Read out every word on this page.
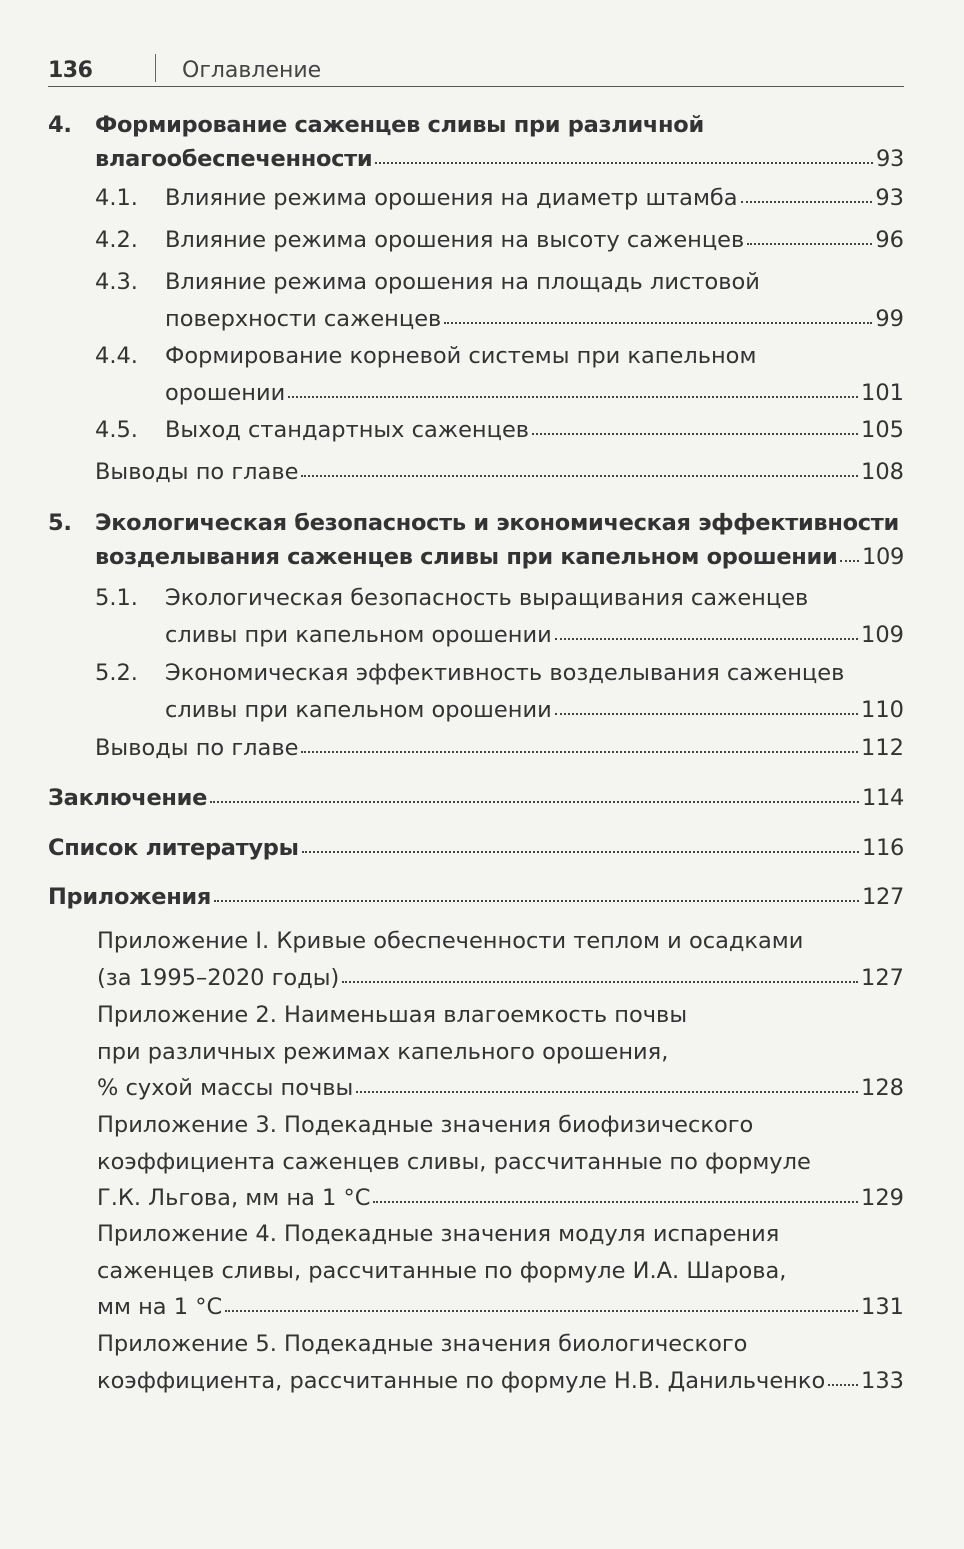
136	Оглавление
4. Формирование саженцев сливы при различной
влагообеспеченности	93
4.1. Влияние режима орошения на диаметр штамба	93
4.2. Влияние режима орошения на высоту саженцев	96
4.3. Влияние режима орошения на площадь листовой
поверхности саженцев	99
4.4. Формирование корневой системы при капельном
орошении	101
4.5. Выход стандартных саженцев	105
Выводы по главе	108
5. Экологическая безопасность и экономическая эффективности
возделывания саженцев сливы при капельном орошении 109
5.1. Экологическая безопасность выращивания саженцев
сливы при капельном орошении	109
5.2. Экономическая эффективность возделывания саженцев
сливы при капельном орошении	110
Выводы по главе	112
Заключение	114
Список литературы	116
Приложения	127
Приложение I. Кривые обеспеченности теплом и осадками
(за 1995–2020 годы)	127
Приложение 2. Наименьшая влагоемкость почвы
при различных режимах капельного орошения,
% сухой массы почвы	128
Приложение 3. Подекадные значения биофизического
коэффициента саженцев сливы, рассчитанные по формуле
Г.К. Льгова, мм на 1 °С	129
Приложение 4. Подекадные значения модуля испарения
саженцев сливы, рассчитанные по формуле И.А. Шарова,
мм на 1 °С	131
Приложение 5. Подекадные значения биологического
коэффициента, рассчитанные по формуле Н.В. Данильченко 133
